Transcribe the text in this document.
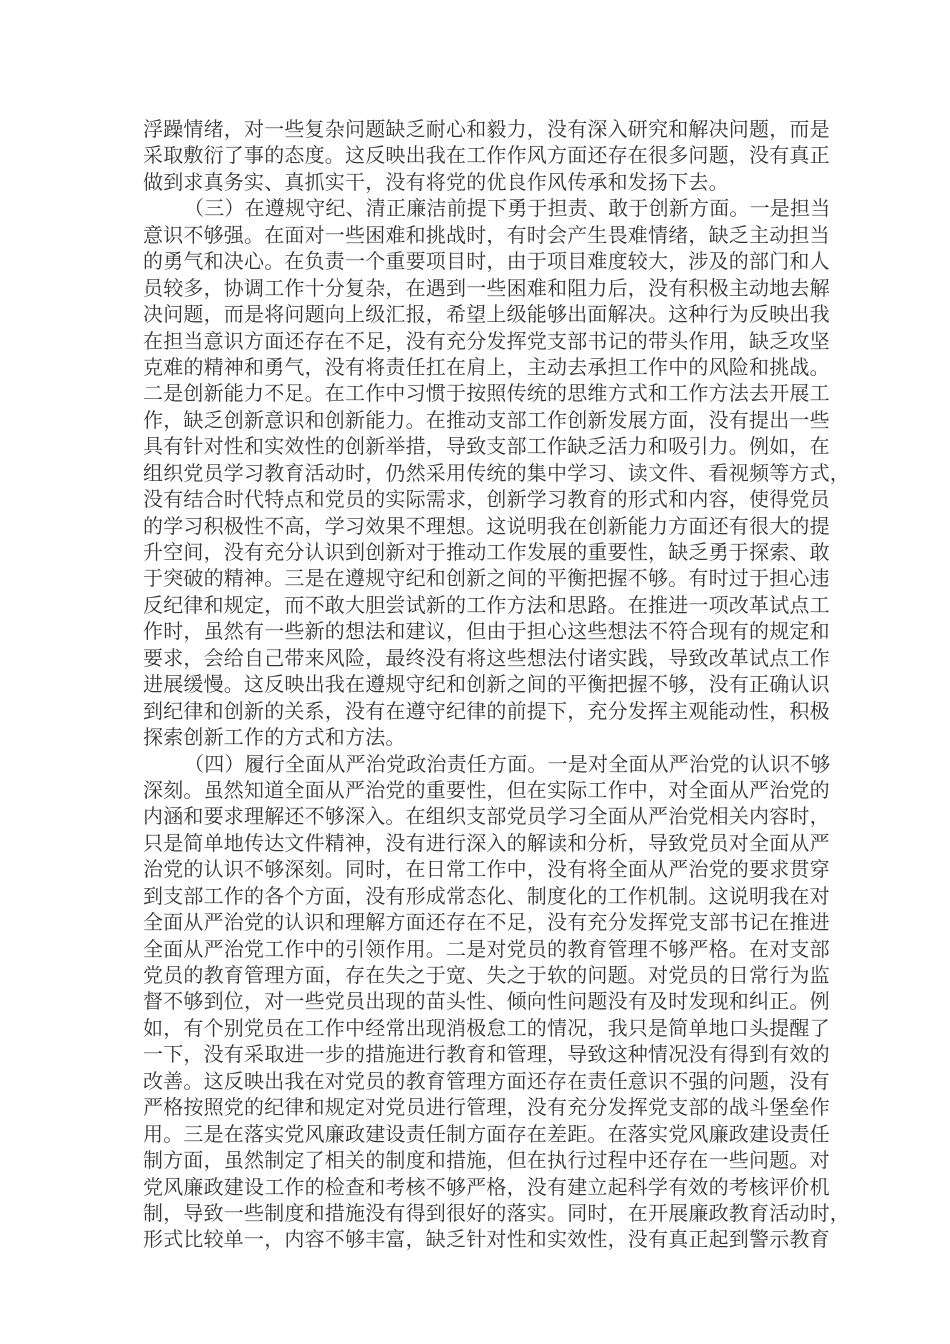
浮躁情绪，对一些复杂问题缺乏耐心和毅力，没有深入研究和解决问题，而是
采取敷衍了事的态度。这反映出我在工作作风方面还存在很多问题，没有真正
做到求真务实、真抓实干，没有将党的优良作风传承和发扬下去。
（三）在遵规守纪、清正廉洁前提下勇于担责、敢于创新方面。一是担当
意识不够强。在面对一些困难和挑战时，有时会产生畏难情绪，缺乏主动担当
的勇气和决心。在负责一个重要项目时，由于项目难度较大，涉及的部门和人
员较多，协调工作十分复杂，在遇到一些困难和阻力后，没有积极主动地去解
决问题，而是将问题向上级汇报，希望上级能够出面解决。这种行为反映出我
在担当意识方面还存在不足，没有充分发挥党支部书记的带头作用，缺乏攻坚
克难的精神和勇气，没有将责任扛在肩上，主动去承担工作中的风险和挑战。
二是创新能力不足。在工作中习惯于按照传统的思维方式和工作方法去开展工
作，缺乏创新意识和创新能力。在推动支部工作创新发展方面，没有提出一些
具有针对性和实效性的创新举措，导致支部工作缺乏活力和吸引力。例如，在
组织党员学习教育活动时，仍然采用传统的集中学习、读文件、看视频等方式，
没有结合时代特点和党员的实际需求，创新学习教育的形式和内容，使得党员
的学习积极性不高，学习效果不理想。这说明我在创新能力方面还有很大的提
升空间，没有充分认识到创新对于推动工作发展的重要性，缺乏勇于探索、敢
于突破的精神。三是在遵规守纪和创新之间的平衡把握不够。有时过于担心违
反纪律和规定，而不敢大胆尝试新的工作方法和思路。在推进一项改革试点工
作时，虽然有一些新的想法和建议，但由于担心这些想法不符合现有的规定和
要求，会给自己带来风险，最终没有将这些想法付诸实践，导致改革试点工作
进展缓慢。这反映出我在遵规守纪和创新之间的平衡把握不够，没有正确认识
到纪律和创新的关系，没有在遵守纪律的前提下，充分发挥主观能动性，积极
探索创新工作的方式和方法。
（四）履行全面从严治党政治责任方面。一是对全面从严治党的认识不够
深刻。虽然知道全面从严治党的重要性，但在实际工作中，对全面从严治党的
内涵和要求理解还不够深入。在组织支部党员学习全面从严治党相关内容时，
只是简单地传达文件精神，没有进行深入的解读和分析，导致党员对全面从严
治党的认识不够深刻。同时，在日常工作中，没有将全面从严治党的要求贯穿
到支部工作的各个方面，没有形成常态化、制度化的工作机制。这说明我在对
全面从严治党的认识和理解方面还存在不足，没有充分发挥党支部书记在推进
全面从严治党工作中的引领作用。二是对党员的教育管理不够严格。在对支部
党员的教育管理方面，存在失之于宽、失之于软的问题。对党员的日常行为监
督不够到位，对一些党员出现的苗头性、倾向性问题没有及时发现和纠正。例
如，有个别党员在工作中经常出现消极怠工的情况，我只是简单地口头提醒了
一下，没有采取进一步的措施进行教育和管理，导致这种情况没有得到有效的
改善。这反映出我在对党员的教育管理方面还存在责任意识不强的问题，没有
严格按照党的纪律和规定对党员进行管理，没有充分发挥党支部的战斗堡垒作
用。三是在落实党风廉政建设责任制方面存在差距。在落实党风廉政建设责任
制方面，虽然制定了相关的制度和措施，但在执行过程中还存在一些问题。对
党风廉政建设工作的检查和考核不够严格，没有建立起科学有效的考核评价机
制，导致一些制度和措施没有得到很好的落实。同时，在开展廉政教育活动时，
形式比较单一，内容不够丰富，缺乏针对性和实效性，没有真正起到警示教育
